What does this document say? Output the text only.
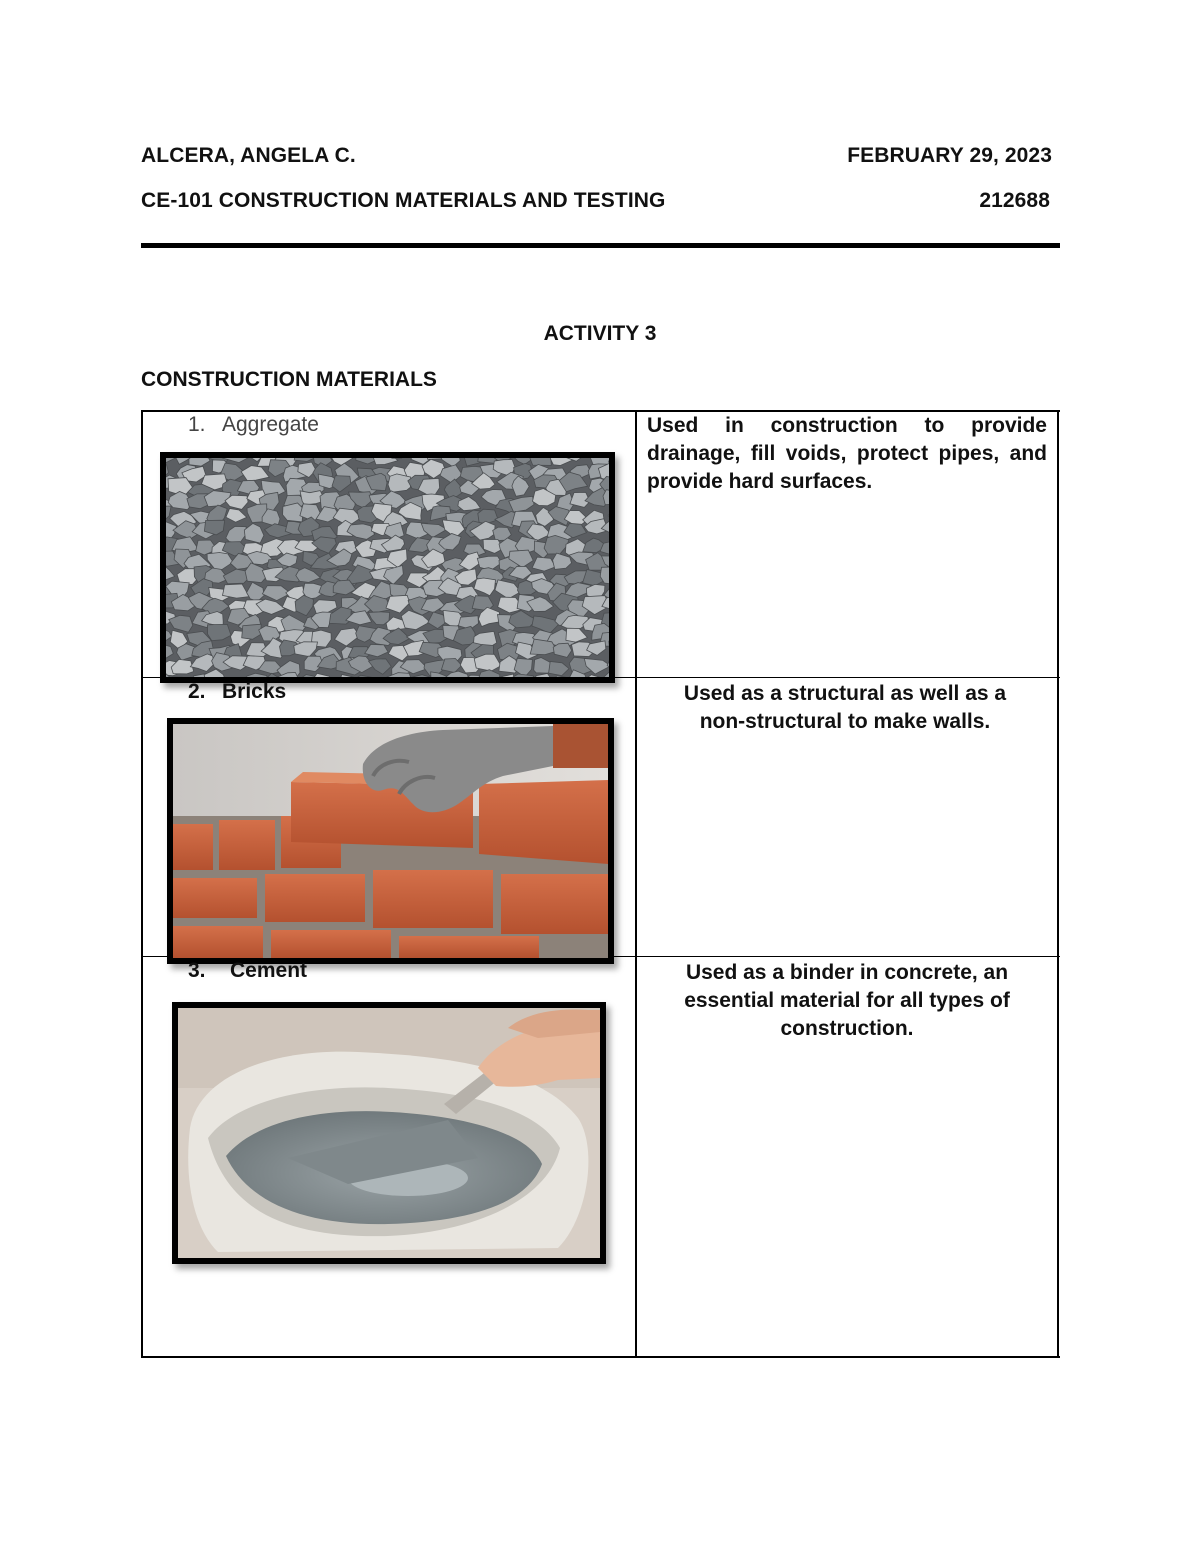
ALCERA, ANGELA C.	FEBRUARY 29, 2023
CE-101 CONSTRUCTION MATERIALS AND TESTING	212688
ACTIVITY 3
CONSTRUCTION MATERIALS
1. Aggregate	Used in construction to provide drainage, fill voids, protect pipes, and provide hard surfaces.
2. Bricks	Used as a structural as well as a non-structural to make walls.
3. Cement	Used as a binder in concrete, an essential material for all types of construction.
